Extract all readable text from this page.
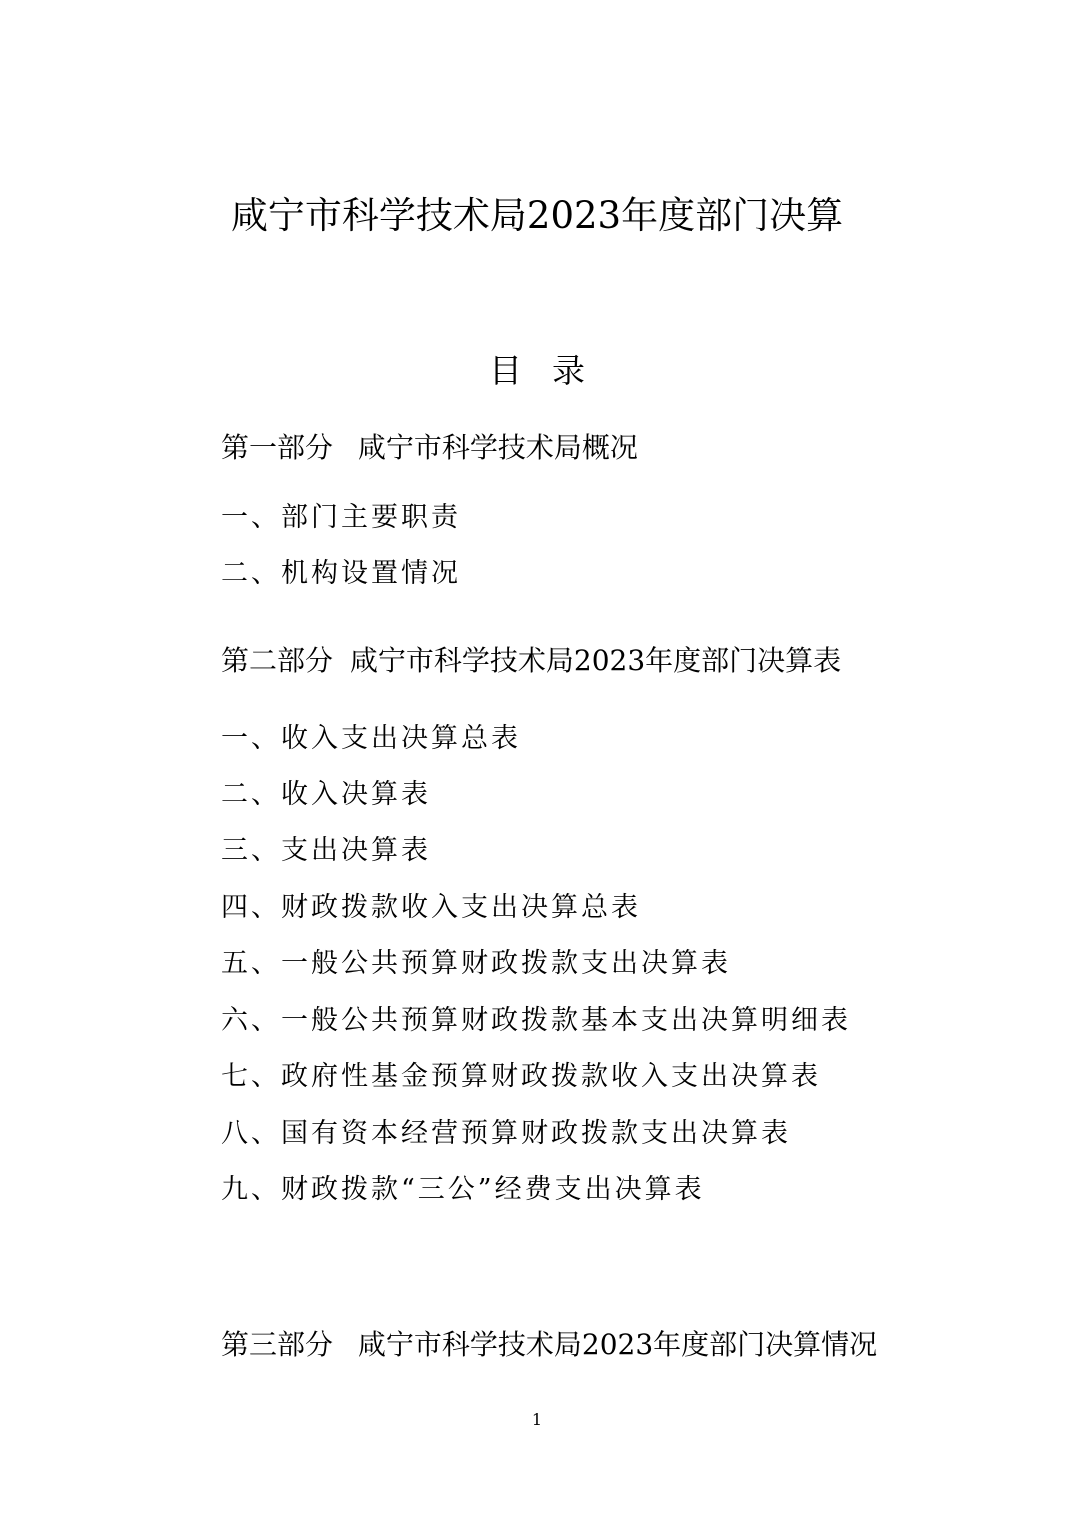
咸宁市科学技术局2023年度部门决算
目录
第一部分 咸宁市科学技术局概况
一、部门主要职责
二、机构设置情况
第二部分 咸宁市科学技术局2023年度部门决算表
一、收入支出决算总表
二、收入决算表
三、支出决算表
四、财政拨款收入支出决算总表
五、一般公共预算财政拨款支出决算表
六、一般公共预算财政拨款基本支出决算明细表
七、政府性基金预算财政拨款收入支出决算表
八、国有资本经营预算财政拨款支出决算表
九、财政拨款“三公”经费支出决算表
第三部分 咸宁市科学技术局2023年度部门决算情况
1
